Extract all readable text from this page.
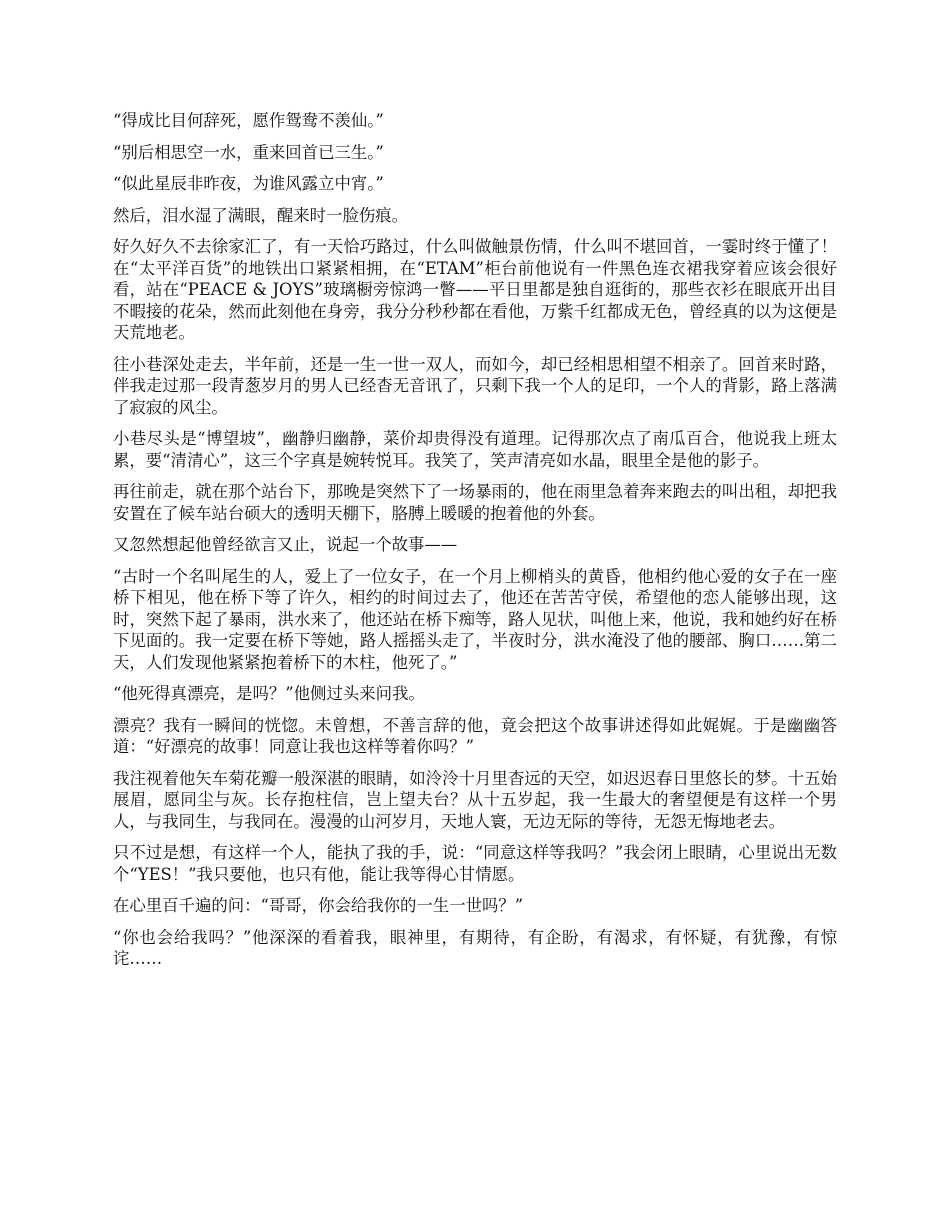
“得成比目何辞死，愿作鸳鸯不羡仙。”

“别后相思空一水，重来回首已三生。”

“似此星辰非昨夜，为谁风露立中宵。”

然后，泪水湿了满眼，醒来时一脸伤痕。

好久好久不去徐家汇了，有一天恰巧路过，什么叫做触景伤情，什么叫不堪回首，一霎时终于懂了！在“太平洋百货”的地铁出口紧紧相拥，在“ETAM”柜台前他说有一件黑色连衣裙我穿着应该会很好看，站在“PEACE & JOYS”玻璃橱旁惊鸿一瞥——平日里都是独自逛街的，那些衣衫在眼底开出目不暇接的花朵，然而此刻他在身旁，我分分秒秒都在看他，万紫千红都成无色，曾经真的以为这便是天荒地老。

往小巷深处走去，半年前，还是一生一世一双人，而如今，却已经相思相望不相亲了。回首来时路，伴我走过那一段青葱岁月的男人已经杳无音讯了，只剩下我一个人的足印，一个人的背影，路上落满了寂寂的风尘。

小巷尽头是“博望坡”，幽静归幽静，菜价却贵得没有道理。记得那次点了南瓜百合，他说我上班太累，要“清清心”，这三个字真是婉转悦耳。我笑了，笑声清亮如水晶，眼里全是他的影子。

再往前走，就在那个站台下，那晚是突然下了一场暴雨的，他在雨里急着奔来跑去的叫出租，却把我安置在了候车站台硕大的透明天棚下，胳膊上暖暖的抱着他的外套。

又忽然想起他曾经欲言又止，说起一个故事——

“古时一个名叫尾生的人，爱上了一位女子，在一个月上柳梢头的黄昏，他相约他心爱的女子在一座桥下相见，他在桥下等了许久，相约的时间过去了，他还在苦苦守侯，希望他的恋人能够出现，这时，突然下起了暴雨，洪水来了，他还站在桥下痴等，路人见状，叫他上来，他说，我和她约好在桥下见面的。我一定要在桥下等她，路人摇摇头走了，半夜时分，洪水淹没了他的腰部、胸口……第二天，人们发现他紧紧抱着桥下的木柱，他死了。”

“他死得真漂亮，是吗？”他侧过头来问我。

漂亮？我有一瞬间的恍惚。未曾想，不善言辞的他，竟会把这个故事讲述得如此娓娓。于是幽幽答道：“好漂亮的故事！同意让我也这样等着你吗？”

我注视着他矢车菊花瓣一般深湛的眼睛，如泠泠十月里杳远的天空，如迟迟春日里悠长的梦。十五始展眉，愿同尘与灰。长存抱柱信，岂上望夫台？从十五岁起，我一生最大的奢望便是有这样一个男人，与我同生，与我同在。漫漫的山河岁月，天地人寰，无边无际的等待，无怨无悔地老去。

只不过是想，有这样一个人，能执了我的手，说：“同意这样等我吗？”我会闭上眼睛，心里说出无数个“YES！”我只要他，也只有他，能让我等得心甘情愿。

在心里百千遍的问：“哥哥，你会给我你的一生一世吗？”

“你也会给我吗？”他深深的看着我，眼神里，有期待，有企盼，有渴求，有怀疑，有犹豫，有惊诧……
